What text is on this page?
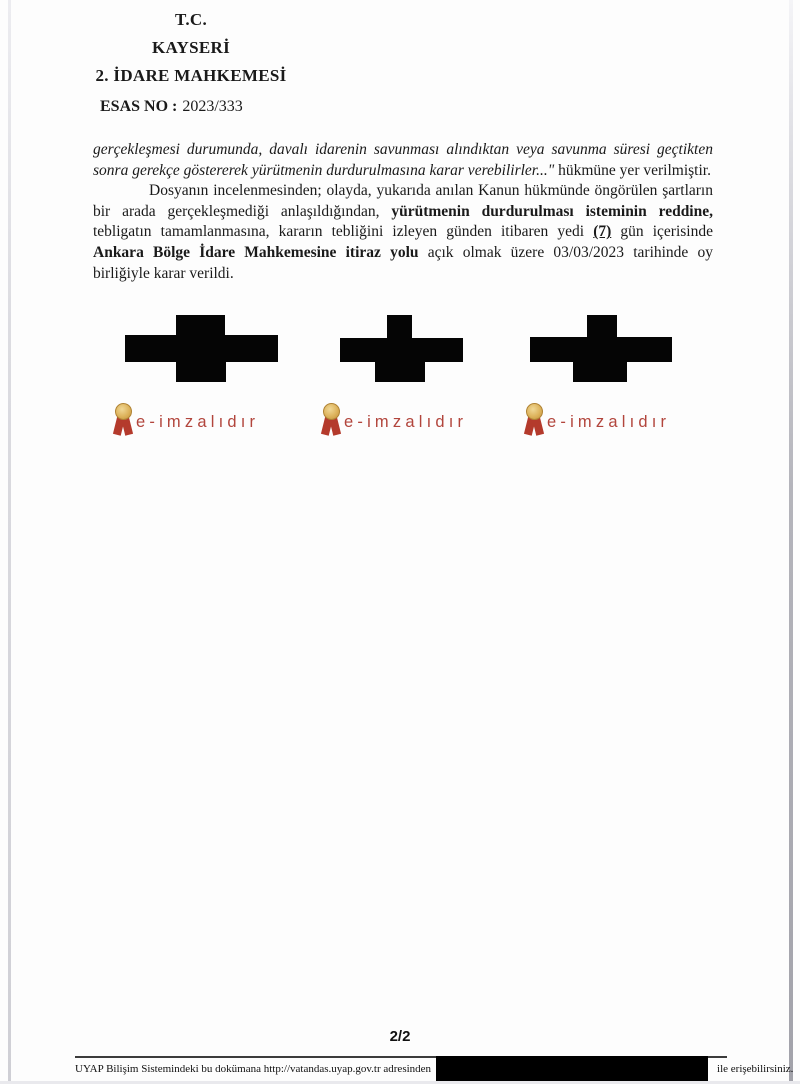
T.C.
KAYSERİ
2. İDARE MAHKEMESİ
ESAS NO : 2023/333

gerçekleşmesi durumunda, davalı idarenin savunması alındıktan veya savunma süresi geçtikten sonra gerekçe göstererek yürütmenin durdurulmasına karar verebilirler..." hükmüne yer verilmiştir.

Dosyanın incelenmesinden; olayda, yukarıda anılan Kanun hükmünde öngörülen şartların bir arada gerçekleşmediği anlaşıldığından, yürütmenin durdurulması isteminin reddine, tebligatın tamamlanmasına, kararın tebliğini izleyen günden itibaren yedi (7) gün içerisinde Ankara Bölge İdare Mahkemesine itiraz yolu açık olmak üzere 03/03/2023 tarihinde oy birliğiyle karar verildi.

e-imzalıdır	e-imzalıdır	e-imzalıdır
2/2
UYAP Bilişim Sistemindeki bu dokümana http://vatandas.uyap.gov.tr adresinden	ile erişebilirsiniz.
